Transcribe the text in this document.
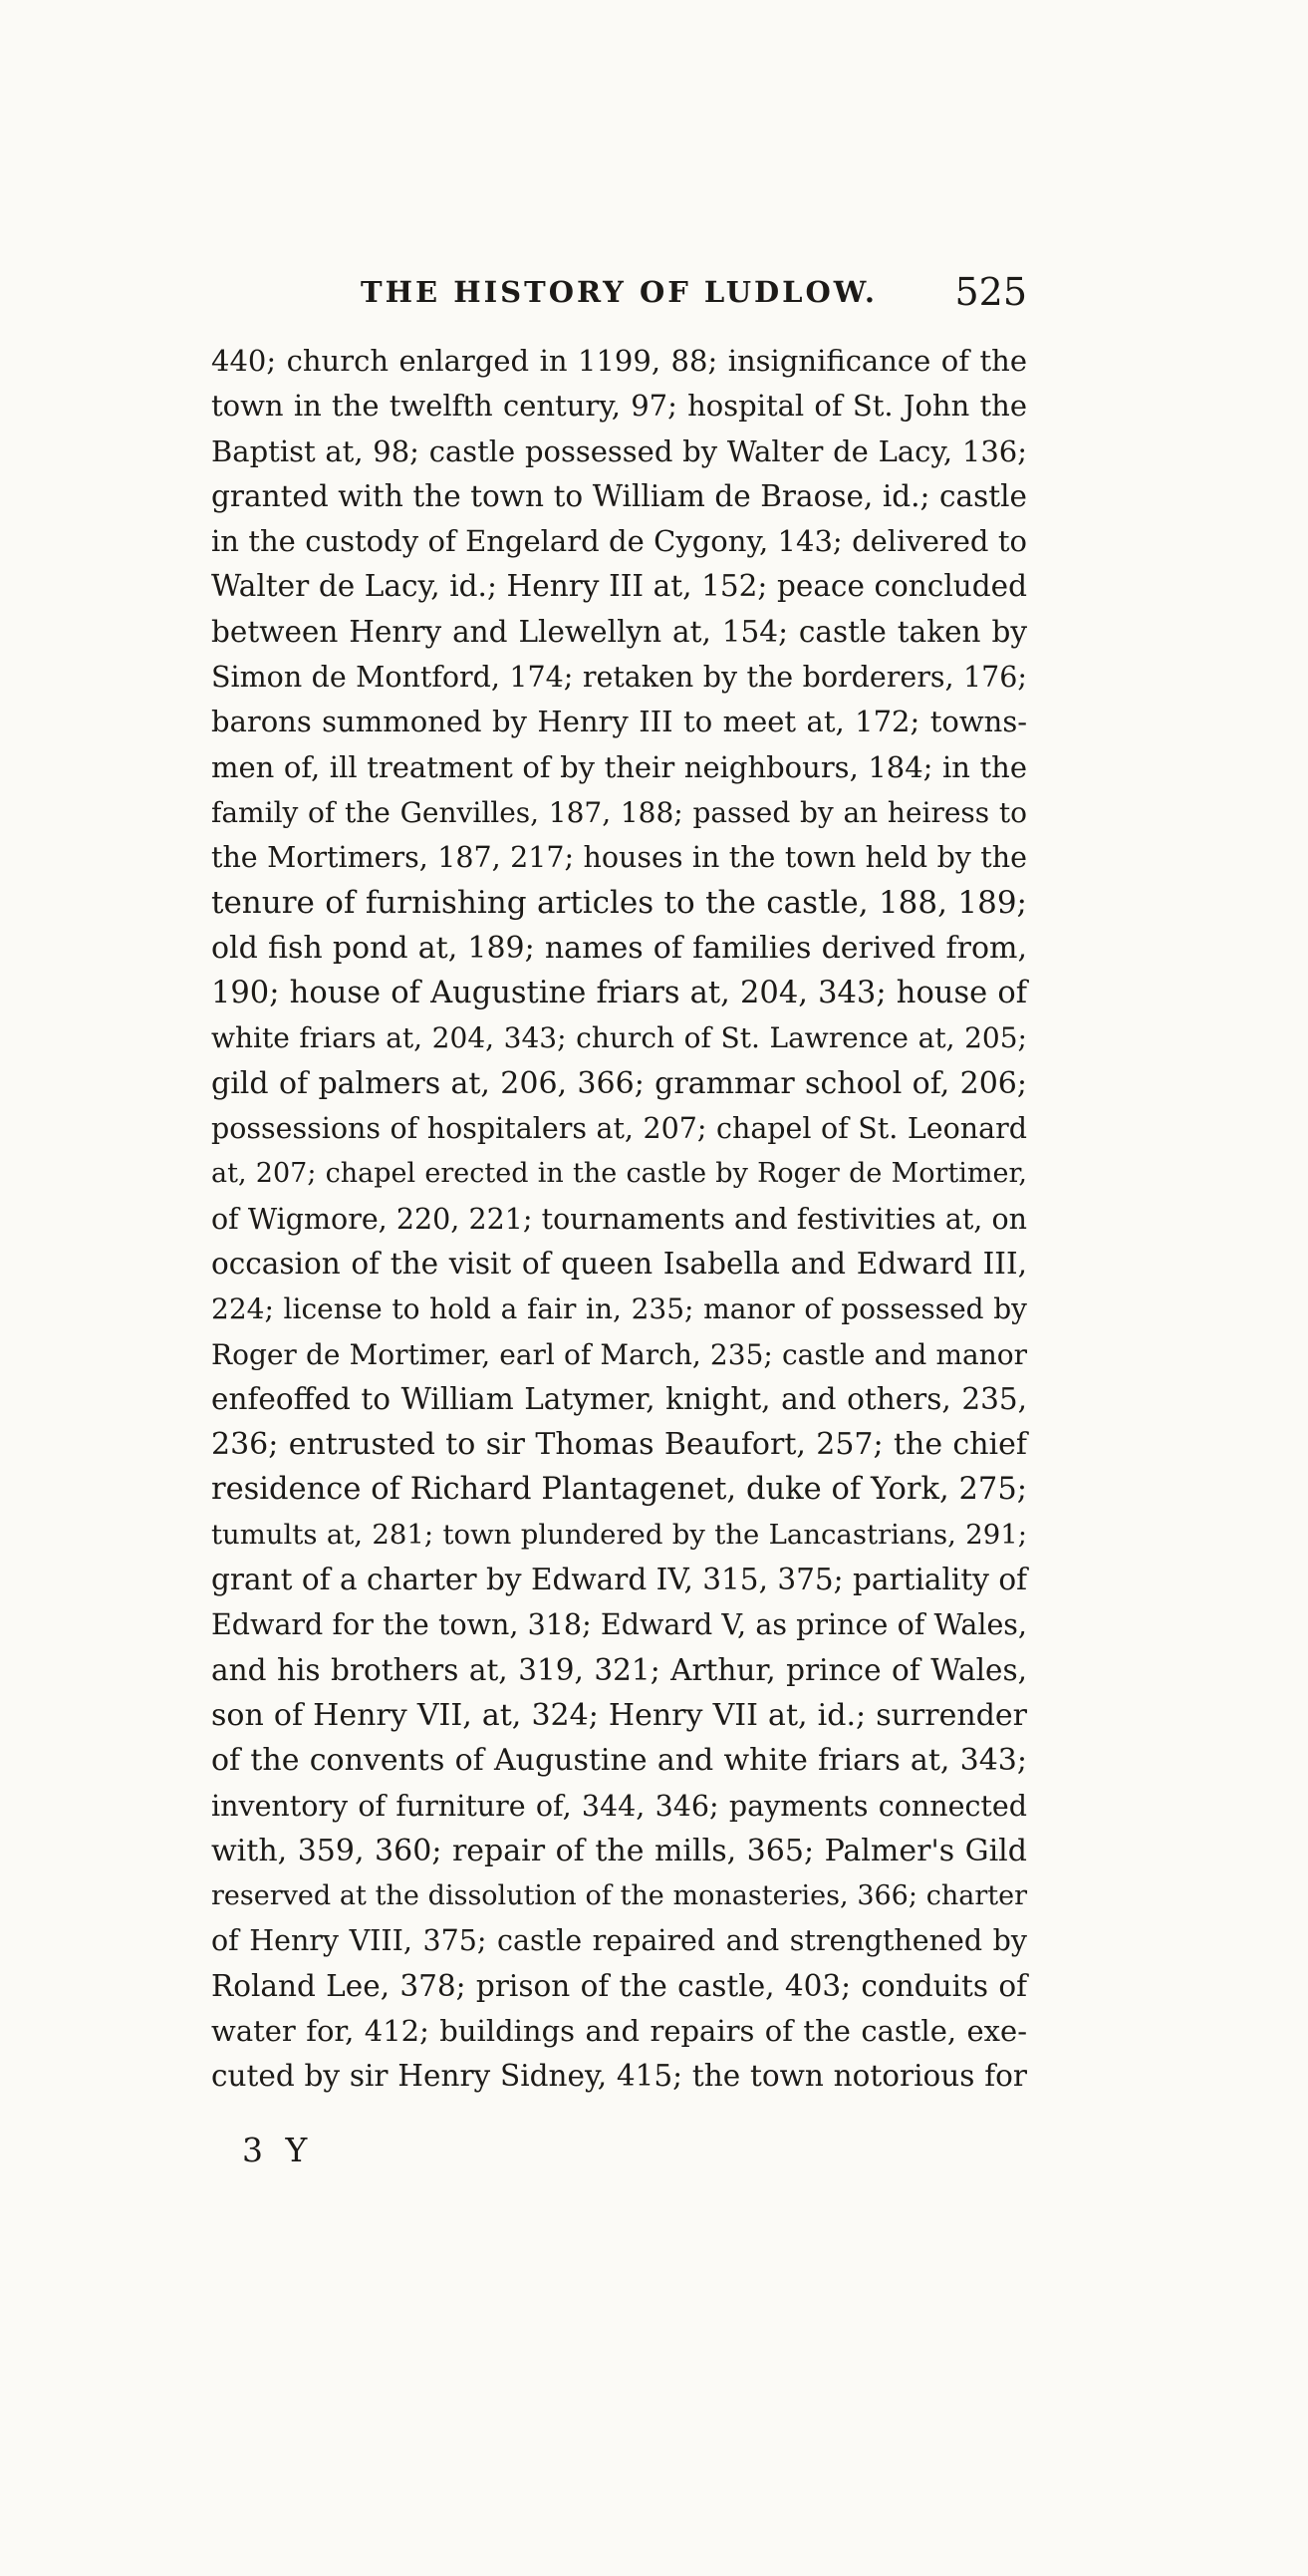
THE HISTORY OF LUDLOW.	525
440; church enlarged in 1199, 88; insignificance of the
town in the twelfth century, 97; hospital of St. John the
Baptist at, 98; castle possessed by Walter de Lacy, 136;
granted with the town to William de Braose, id.; castle
in the custody of Engelard de Cygony, 143; delivered to
Walter de Lacy, id.; Henry III at, 152; peace concluded
between Henry and Llewellyn at, 154; castle taken by
Simon de Montford, 174; retaken by the borderers, 176;
barons summoned by Henry III to meet at, 172; towns-
men of, ill treatment of by their neighbours, 184; in the
family of the Genvilles, 187, 188; passed by an heiress to
the Mortimers, 187, 217; houses in the town held by the
tenure of furnishing articles to the castle, 188, 189;
old fish pond at, 189; names of families derived from,
190; house of Augustine friars at, 204, 343; house of
white friars at, 204, 343; church of St. Lawrence at, 205;
gild of palmers at, 206, 366; grammar school of, 206;
possessions of hospitalers at, 207; chapel of St. Leonard
at, 207; chapel erected in the castle by Roger de Mortimer,
of Wigmore, 220, 221; tournaments and festivities at, on
occasion of the visit of queen Isabella and Edward III,
224; license to hold a fair in, 235; manor of possessed by
Roger de Mortimer, earl of March, 235; castle and manor
enfeoffed to William Latymer, knight, and others, 235,
236; entrusted to sir Thomas Beaufort, 257; the chief
residence of Richard Plantagenet, duke of York, 275;
tumults at, 281; town plundered by the Lancastrians, 291;
grant of a charter by Edward IV, 315, 375; partiality of
Edward for the town, 318; Edward V, as prince of Wales,
and his brothers at, 319, 321; Arthur, prince of Wales,
son of Henry VII, at, 324; Henry VII at, id.; surrender
of the convents of Augustine and white friars at, 343;
inventory of furniture of, 344, 346; payments connected
with, 359, 360; repair of the mills, 365; Palmer's Gild
reserved at the dissolution of the monasteries, 366; charter
of Henry VIII, 375; castle repaired and strengthened by
Roland Lee, 378; prison of the castle, 403; conduits of
water for, 412; buildings and repairs of the castle, exe-
cuted by sir Henry Sidney, 415; the town notorious for
3 Y
